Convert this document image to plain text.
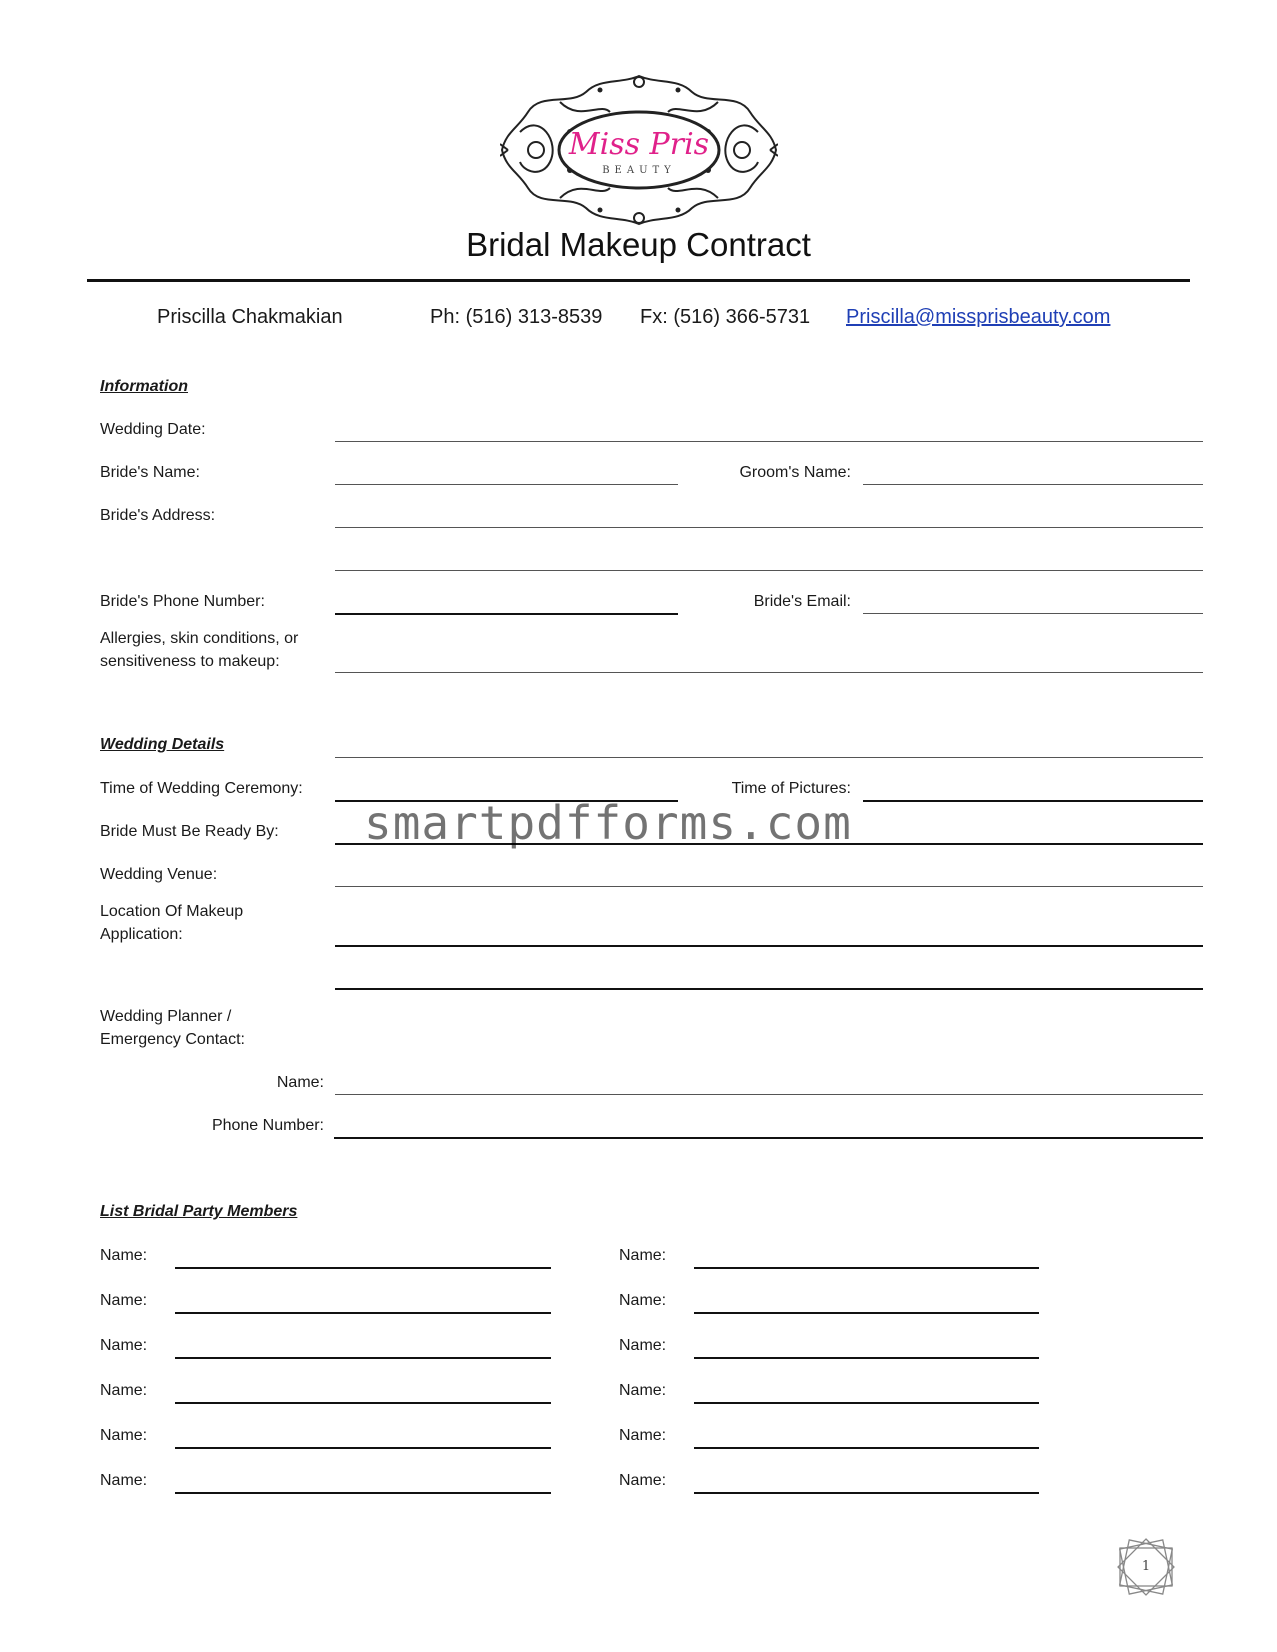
Miss Pris
BEAUTY
Bridal Makeup Contract
Priscilla Chakmakian	Ph: (516) 313-8539 Fx: (516) 366-5731 Priscilla@missprisbeauty.com
Information
Wedding Date:
Bride's Name:	Groom's Name:
Bride's Address:
Bride's Phone Number:	Bride's Email:
Allergies, skin conditions, or sensitiveness to makeup:
Wedding Details
Time of Wedding Ceremony:	Time of Pictures:
Bride Must Be Ready By:
Wedding Venue:
Location Of Makeup Application:
Wedding Planner / Emergency Contact:
Name:
Phone Number:
smartpdfforms.com
List Bridal Party Members
Name:	Name:
Name:	Name:
Name:	Name:
Name:	Name:
Name:	Name:
Name:	Name:
1
